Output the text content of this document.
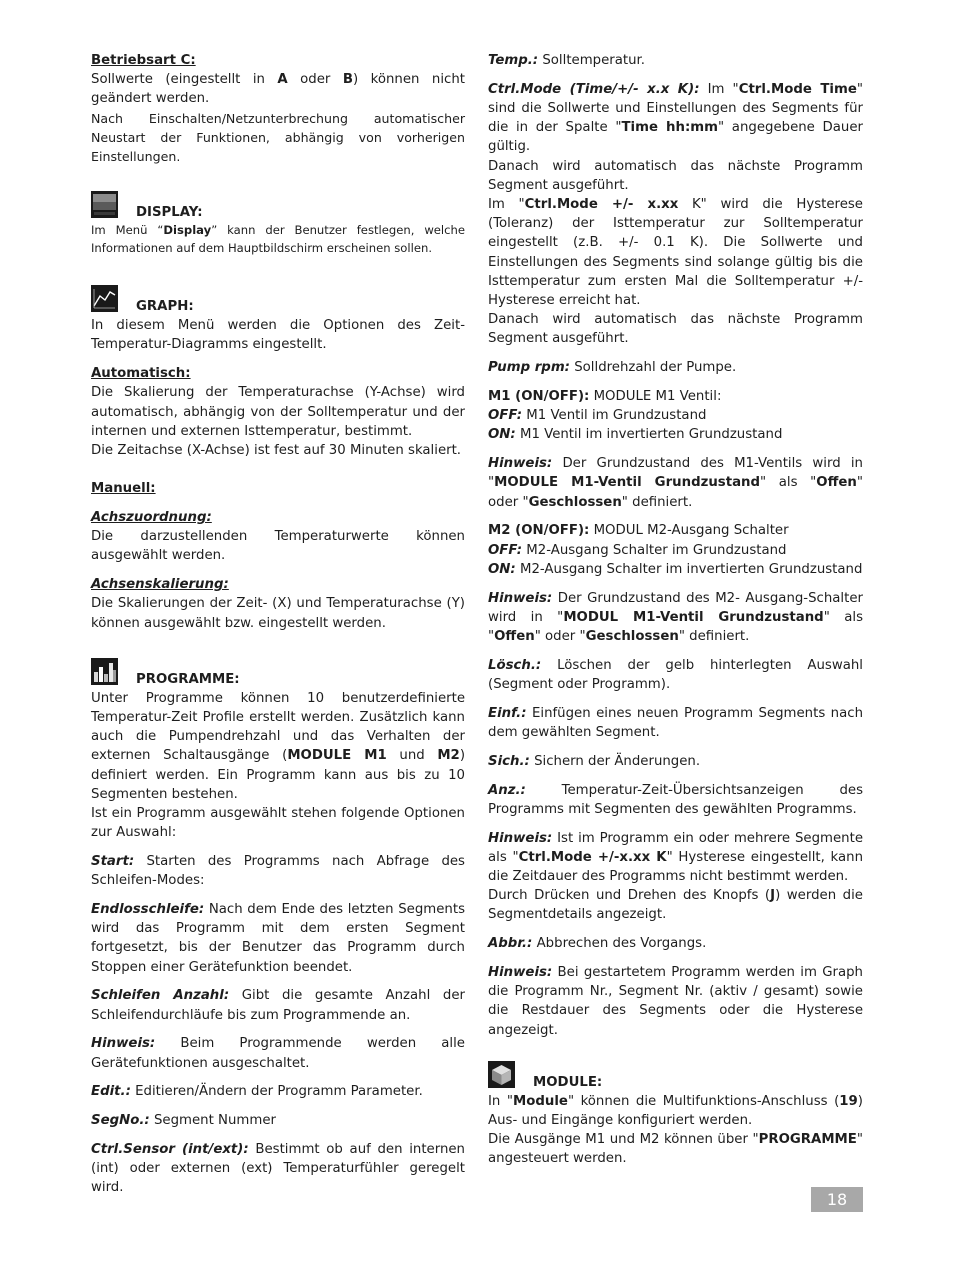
Betriebsart C:

Sollwerte (eingestellt in A oder B) können nicht geändert werden.

Nach Einschalten/Netzunterbrechung automatischer Neustart der Funktionen, abhängig von vorherigen Einstellungen.

DISPLAY:

Im Menü “Display” kann der Benutzer festlegen, welche Informationen auf dem Hauptbildschirm erscheinen sollen.

GRAPH:

In diesem Menü werden die Optionen des Zeit-Temperatur-Diagramms eingestellt.

Automatisch:

Die Skalierung der Temperaturachse (Y-Achse) wird automatisch, abhängig von der Solltemperatur und der internen und externen Isttemperatur, bestimmt.

Die Zeitachse (X-Achse) ist fest auf 30 Minuten skaliert.

Manuell:

Achszuordnung:

Die darzustellenden Temperaturwerte können ausgewählt werden.

Achsenskalierung:

Die Skalierungen der Zeit- (X) und Temperaturachse (Y) können ausgewählt bzw. eingestellt werden.

PROGRAMME:

Unter Programme können 10 benutzerdefinierte Temperatur-Zeit Profile erstellt werden. Zusätzlich kann auch die Pumpendrehzahl und das Verhalten der externen Schaltausgänge (MODULE M1 und M2) definiert werden. Ein Programm kann aus bis zu 10 Segmenten bestehen.

Ist ein Programm ausgewählt stehen folgende Optionen zur Auswahl:

Start: Starten des Programms nach Abfrage des Schleifen-Modes:

Endlosschleife: Nach dem Ende des letzten Segments wird das Programm mit dem ersten Segment fortgesetzt, bis der Benutzer das Programm durch Stoppen einer Gerätefunktion beendet.

Schleifen Anzahl: Gibt die gesamte Anzahl der Schleifendurchläufe bis zum Programmende an.

Hinweis: Beim Programmende werden alle Gerätefunktionen ausgeschaltet.

Edit.: Editieren/Ändern der Programm Parameter.

SegNo.: Segment Nummer

Ctrl.Sensor (int/ext): Bestimmt ob auf den internen (int) oder externen (ext) Temperaturfühler geregelt wird.

Temp.: Solltemperatur.

Ctrl.Mode (Time/+/- x.x K): Im "Ctrl.Mode Time" sind die Sollwerte und Einstellungen des Segments für die in der Spalte "Time hh:mm" angegebene Dauer gültig.

Danach wird automatisch das nächste Programm Segment ausgeführt.

Im "Ctrl.Mode +/- x.xx K" wird die Hysterese (Toleranz) der Isttemperatur zur Solltemperatur eingestellt (z.B. +/- 0.1 K). Die Sollwerte und Einstellungen des Segments sind solange gültig bis die Isttemperatur zum ersten Mal die Solltemperatur +/- Hysterese erreicht hat.

Danach wird automatisch das nächste Programm Segment ausgeführt.

Pump rpm: Solldrehzahl der Pumpe.

M1 (ON/OFF): MODULE M1 Ventil:

OFF: M1 Ventil im Grundzustand

ON: M1 Ventil im invertierten Grundzustand

Hinweis: Der Grundzustand des M1-Ventils wird in "MODULE M1-Ventil Grundzustand" als "Offen" oder "Geschlossen" definiert.

M2 (ON/OFF): MODUL M2-Ausgang Schalter

OFF: M2-Ausgang Schalter im Grundzustand

ON: M2-Ausgang Schalter im invertierten Grundzustand

Hinweis: Der Grundzustand des M2- Ausgang-Schalter wird in "MODUL M1-Ventil Grundzustand" als "Offen" oder "Geschlossen" definiert.

Lösch.: Löschen der gelb hinterlegten Auswahl (Segment oder Programm).

Einf.: Einfügen eines neuen Programm Segments nach dem gewählten Segment.

Sich.: Sichern der Änderungen.

Anz.: Temperatur-Zeit-Übersichtsanzeigen des Programms mit Segmenten des gewählten Programms.

Hinweis: Ist im Programm ein oder mehrere Segmente als "Ctrl.Mode +/-x.xx K" Hysterese eingestellt, kann die Zeitdauer des Programms nicht bestimmt werden.

Durch Drücken und Drehen des Knopfs (J) werden die Segmentdetails angezeigt.

Abbr.: Abbrechen des Vorgangs.

Hinweis: Bei gestartetem Programm werden im Graph die Programm Nr., Segment Nr. (aktiv / gesamt) sowie die Restdauer des Segments oder die Hysterese angezeigt.

MODULE:

In "Module" können die Multifunktions-Anschluss (19) Aus- und Eingänge konfiguriert werden.

Die Ausgänge M1 und M2 können über "PROGRAMME" angesteuert werden.

18
